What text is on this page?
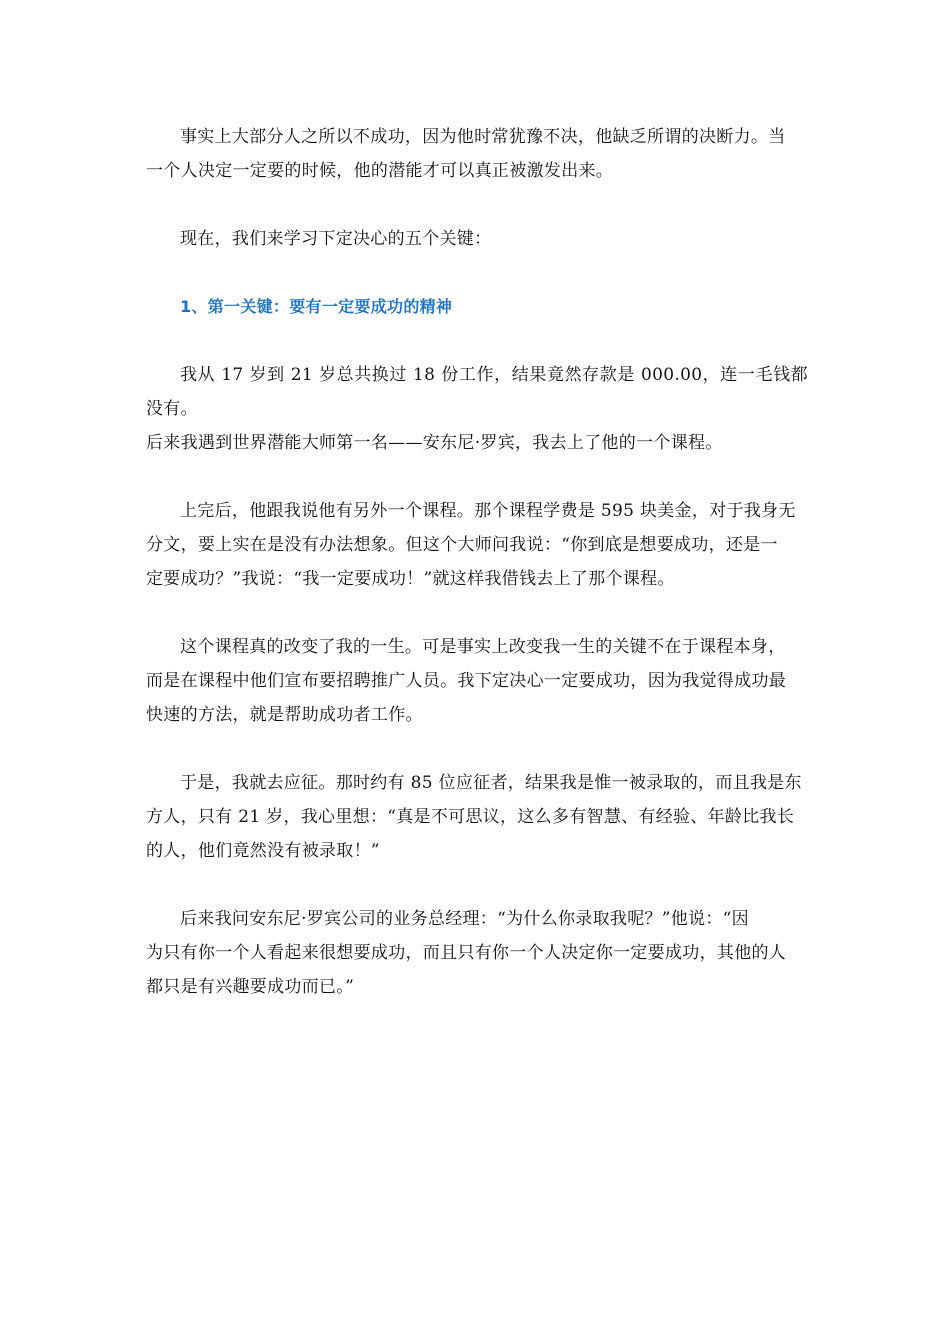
事实上大部分人之所以不成功，因为他时常犹豫不决，他缺乏所谓的决断力。当
一个人决定一定要的时候，他的潜能才可以真正被激发出来。

现在，我们来学习下定决心的五个关键：

1、第一关键：要有一定要成功的精神

我从 17 岁到 21 岁总共换过 18 份工作，结果竟然存款是 000.00，连一毛钱都没有。
后来我遇到世界潜能大师第一名——安东尼·罗宾，我去上了他的一个课程。

上完后，他跟我说他有另外一个课程。那个课程学费是 595 块美金，对于我身无
分文，要上实在是没有办法想象。但这个大师问我说：“你到底是想要成功，还是一
定要成功？”我说：“我一定要成功！”就这样我借钱去上了那个课程。

这个课程真的改变了我的一生。可是事实上改变我一生的关键不在于课程本身，
而是在课程中他们宣布要招聘推广人员。我下定决心一定要成功，因为我觉得成功最
快速的方法，就是帮助成功者工作。

于是，我就去应征。那时约有 85 位应征者，结果我是惟一被录取的，而且我是东
方人，只有 21 岁，我心里想：“真是不可思议，这么多有智慧、有经验、年龄比我长
的人，他们竟然没有被录取！”

后来我问安东尼·罗宾公司的业务总经理：“为什么你录取我呢？”他说：“因
为只有你一个人看起来很想要成功，而且只有你一个人决定你一定要成功，其他的人
都只是有兴趣要成功而已。”
